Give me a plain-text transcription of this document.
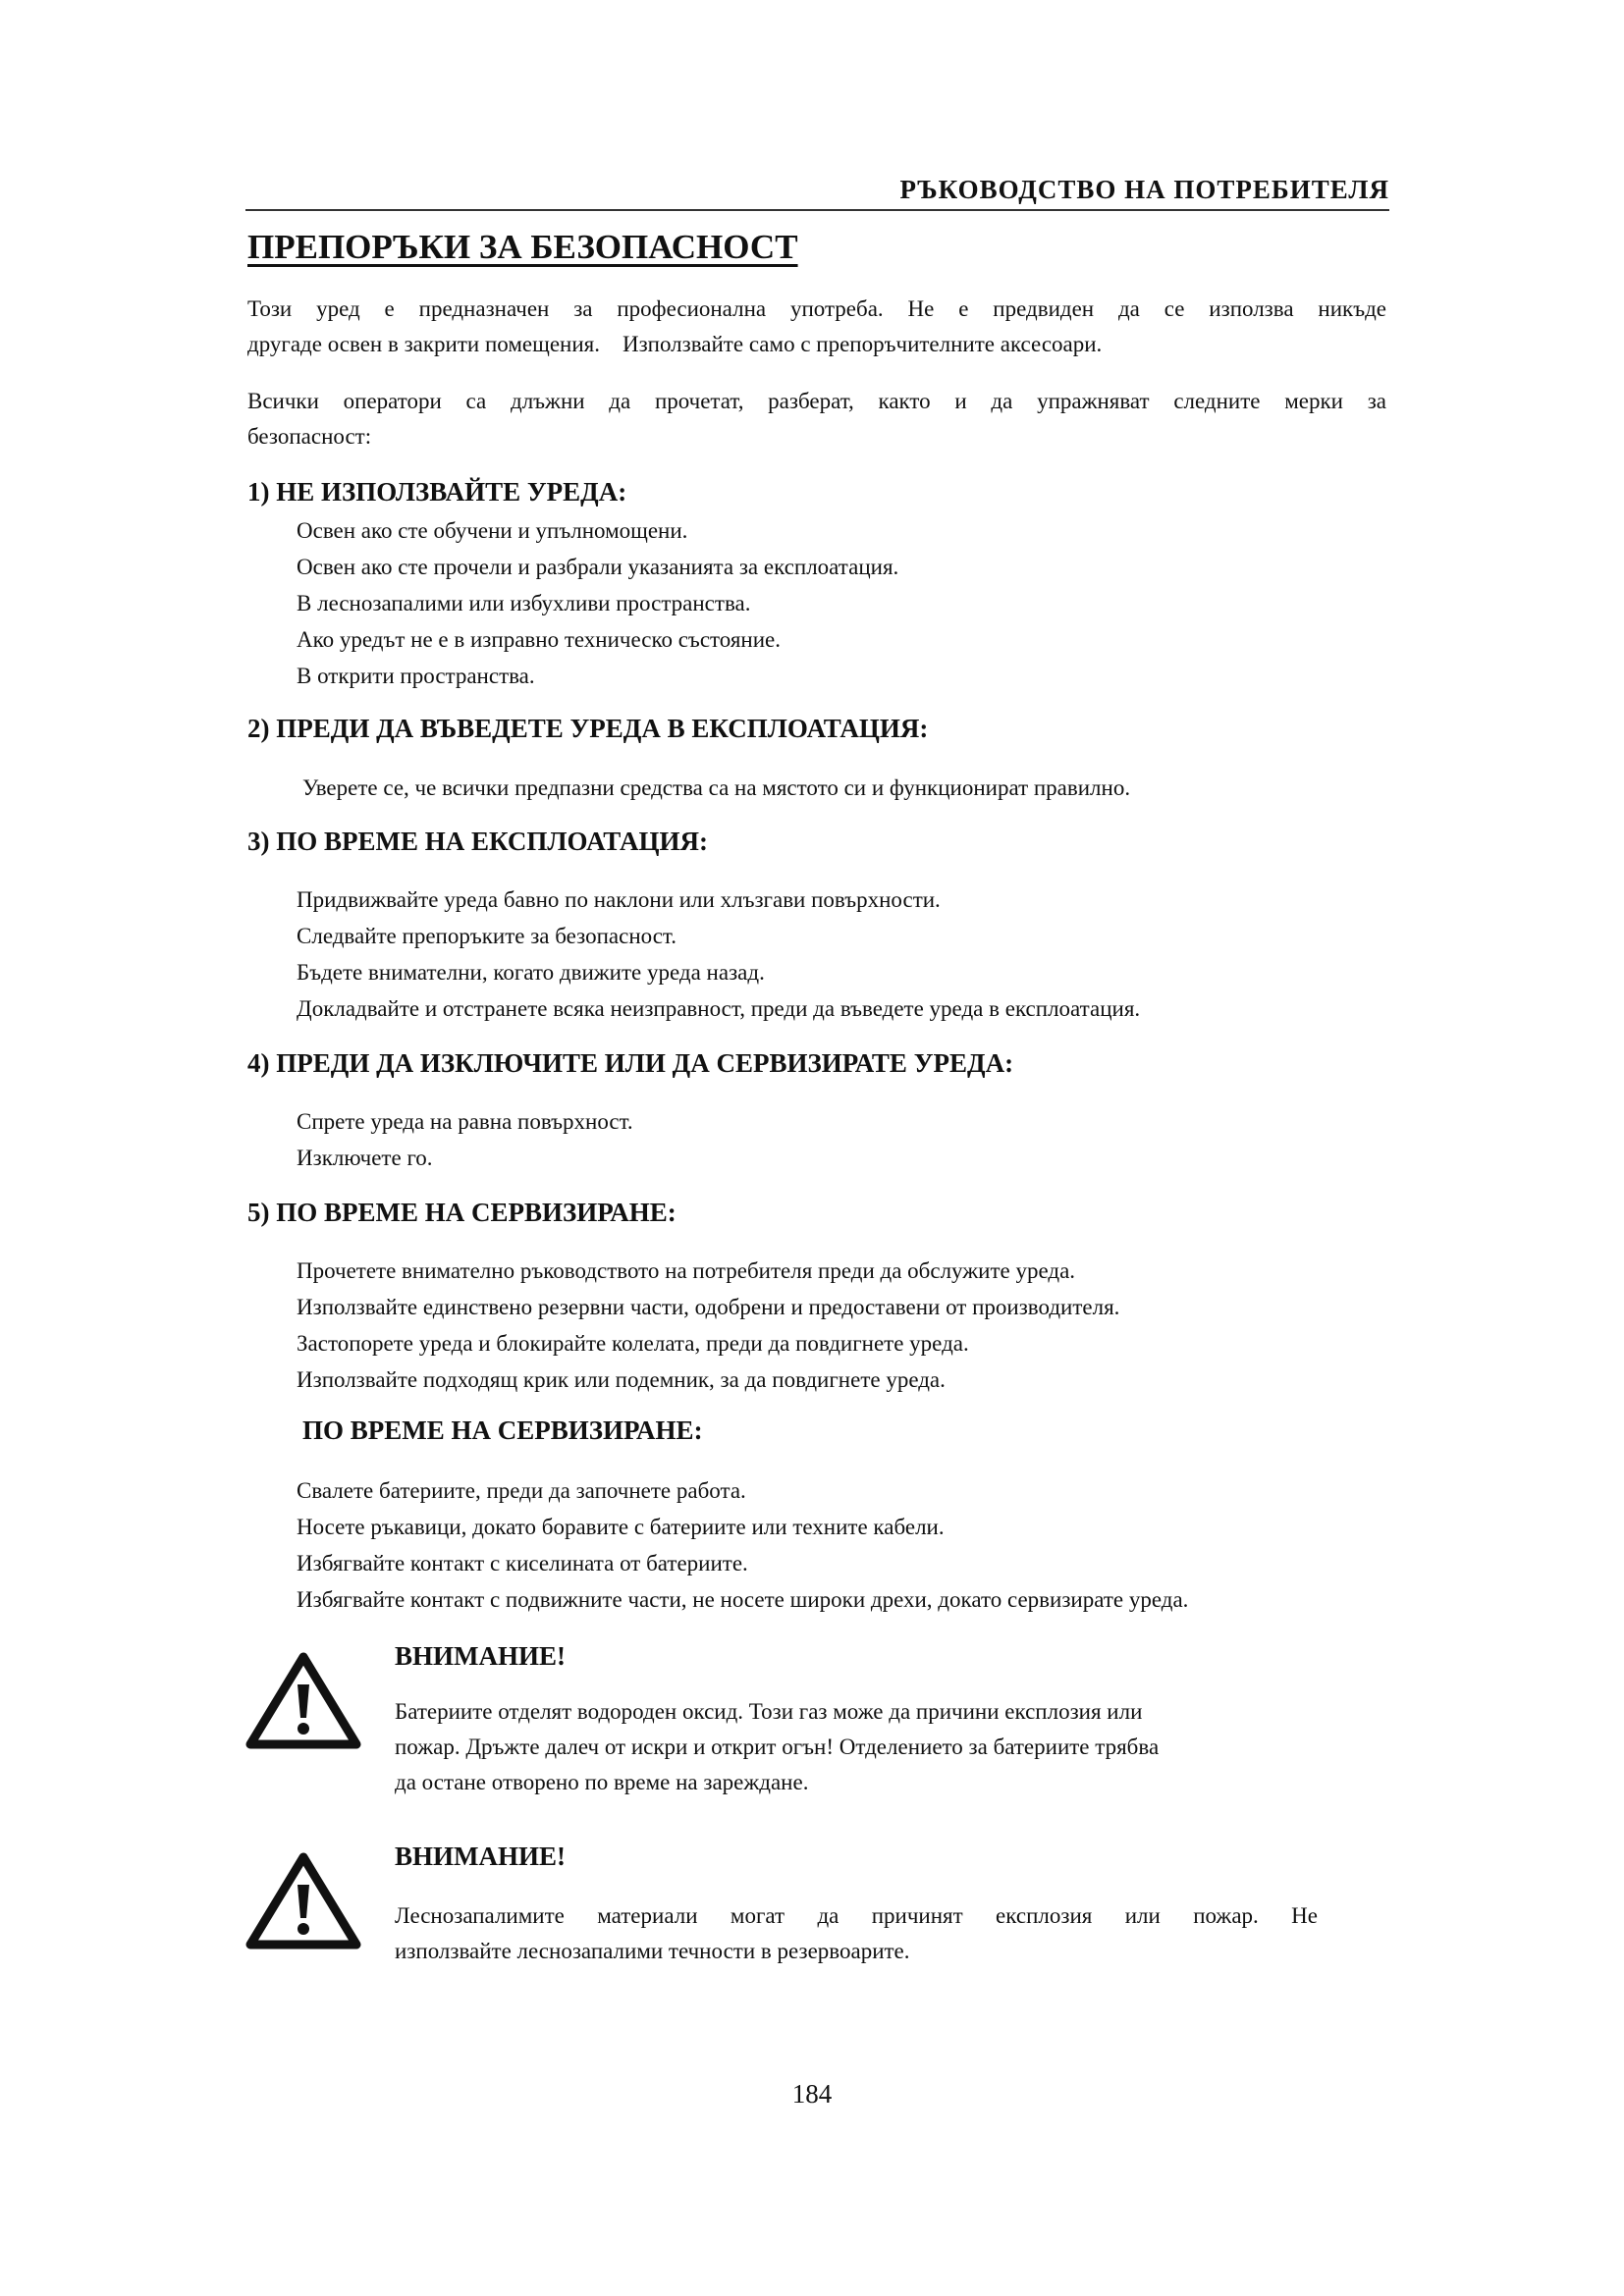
РЪКОВОДСТВО НА ПОТРЕБИТЕЛЯ
ПРЕПОРЪКИ ЗА БЕЗОПАСНОСТ
Този уред е предназначен за професионална употреба. Не е предвиден да се използва никъде
другаде освен в закрити помещения.    Използвайте само с препоръчителните аксесоари.
Всички оператори са длъжни да прочетат, разберат, както и да упражняват следните мерки за
безопасност:
1) НЕ ИЗПОЛЗВАЙТЕ УРЕДА:
Освен ако сте обучени и упълномощени.
Освен ако сте прочели и разбрали указанията за експлоатация.
В леснозапалими или избухливи пространства.
Ако уредът не е в изправно техническо състояние.
В открити пространства.
2) ПРЕДИ ДА ВЪВЕДЕТЕ УРЕДА В ЕКСПЛОАТАЦИЯ:
Уверете се, че всички предпазни средства са на мястото си и функционират правилно.
3) ПО ВРЕМЕ НА ЕКСПЛОАТАЦИЯ:
Придвижвайте уреда бавно по наклони или хлъзгави повърхности.
Следвайте препоръките за безопасност.
Бъдете внимателни, когато движите уреда назад.
Докладвайте и отстранете всяка неизправност, преди да въведете уреда в експлоатация.
4) ПРЕДИ ДА ИЗКЛЮЧИТЕ ИЛИ ДА СЕРВИЗИРАТЕ УРЕДА:
Спрете уреда на равна повърхност.
Изключете го.
5) ПО ВРЕМЕ НА СЕРВИЗИРАНЕ:
Прочетете внимателно ръководството на потребителя преди да обслужите уреда.
Използвайте единствено резервни части, одобрени и предоставени от производителя.
Застопорете уреда и блокирайте колелата, преди да повдигнете уреда.
Използвайте подходящ крик или подемник, за да повдигнете уреда.
ПО ВРЕМЕ НА СЕРВИЗИРАНЕ:
Свалете батериите, преди да започнете работа.
Носете ръкавици, докато боравите с батериите или техните кабели.
Избягвайте контакт с киселината от батериите.
Избягвайте контакт с подвижните части, не носете широки дрехи, докато сервизирате уреда.
ВНИМАНИЕ!
Батериите отделят водороден оксид. Този газ може да причини експлозия или
пожар. Дръжте далеч от искри и открит огън! Отделението за батериите трябва
да остане отворено по време на зареждане.
ВНИМАНИЕ!
Леснозапалимите материали могат да причинят експлозия или пожар. Не
използвайте леснозапалими течности в резервоарите.
184
